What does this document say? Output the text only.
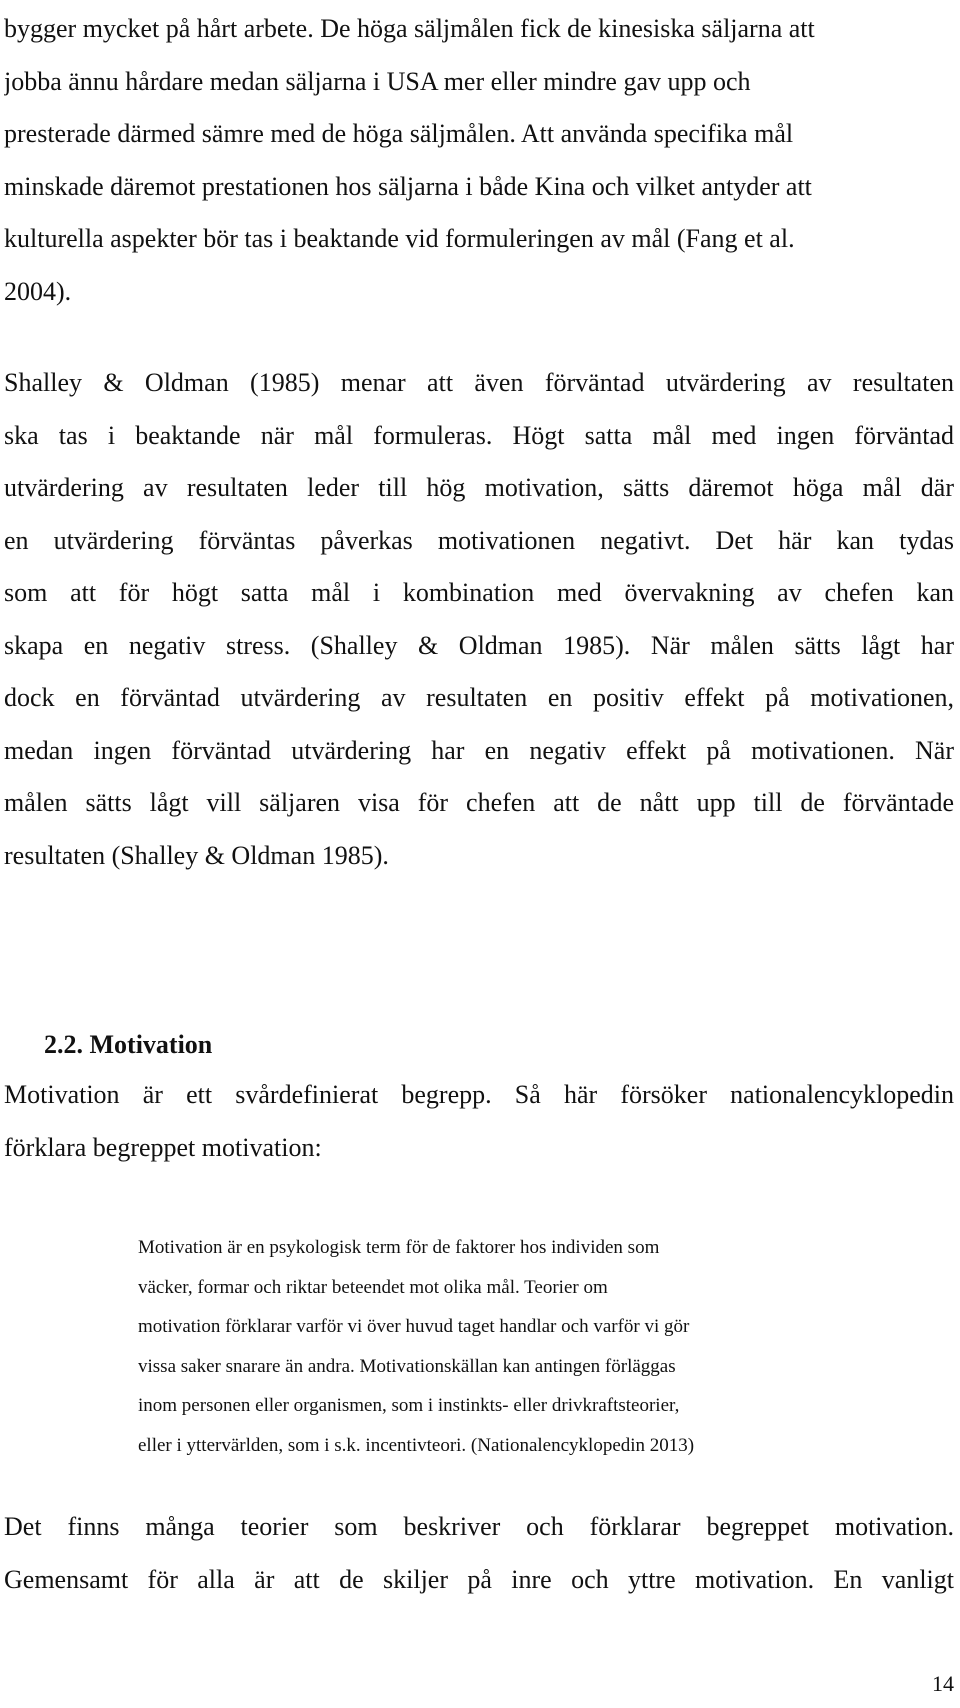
bygger mycket på hårt arbete. De höga säljmålen fick de kinesiska säljarna att
jobba ännu hårdare medan säljarna i USA mer eller mindre gav upp och
presterade därmed sämre med de höga säljmålen. Att använda specifika mål
minskade däremot prestationen hos säljarna i både Kina och vilket antyder att
kulturella aspekter bör tas i beaktande vid formuleringen av mål (Fang et al.
2004).
Shalley & Oldman (1985) menar att även förväntad utvärdering av resultaten
ska tas i beaktande när mål formuleras. Högt satta mål med ingen förväntad
utvärdering av resultaten leder till hög motivation, sätts däremot höga mål där
en utvärdering förväntas påverkas motivationen negativt. Det här kan tydas
som att för högt satta mål i kombination med övervakning av chefen kan
skapa en negativ stress. (Shalley & Oldman 1985). När målen sätts lågt har
dock en förväntad utvärdering av resultaten en positiv effekt på motivationen,
medan ingen förväntad utvärdering har en negativ effekt på motivationen. När
målen sätts lågt vill säljaren visa för chefen att de nått upp till de förväntade
resultaten (Shalley & Oldman 1985).
2.2. Motivation
Motivation är ett svårdefinierat begrepp. Så här försöker nationalencyklopedin
förklara begreppet motivation:
Motivation är en psykologisk term för de faktorer hos individen som
väcker, formar och riktar beteendet mot olika mål. Teorier om
motivation förklarar varför vi över huvud taget handlar och varför vi gör
vissa saker snarare än andra. Motivationskällan kan antingen förläggas
inom personen eller organismen, som i instinkts- eller drivkraftsteorier,
eller i yttervärlden, som i s.k. incentivteori. (Nationalencyklopedin 2013)
Det finns många teorier som beskriver och förklarar begreppet motivation.
Gemensamt för alla är att de skiljer på inre och yttre motivation. En vanligt
14
